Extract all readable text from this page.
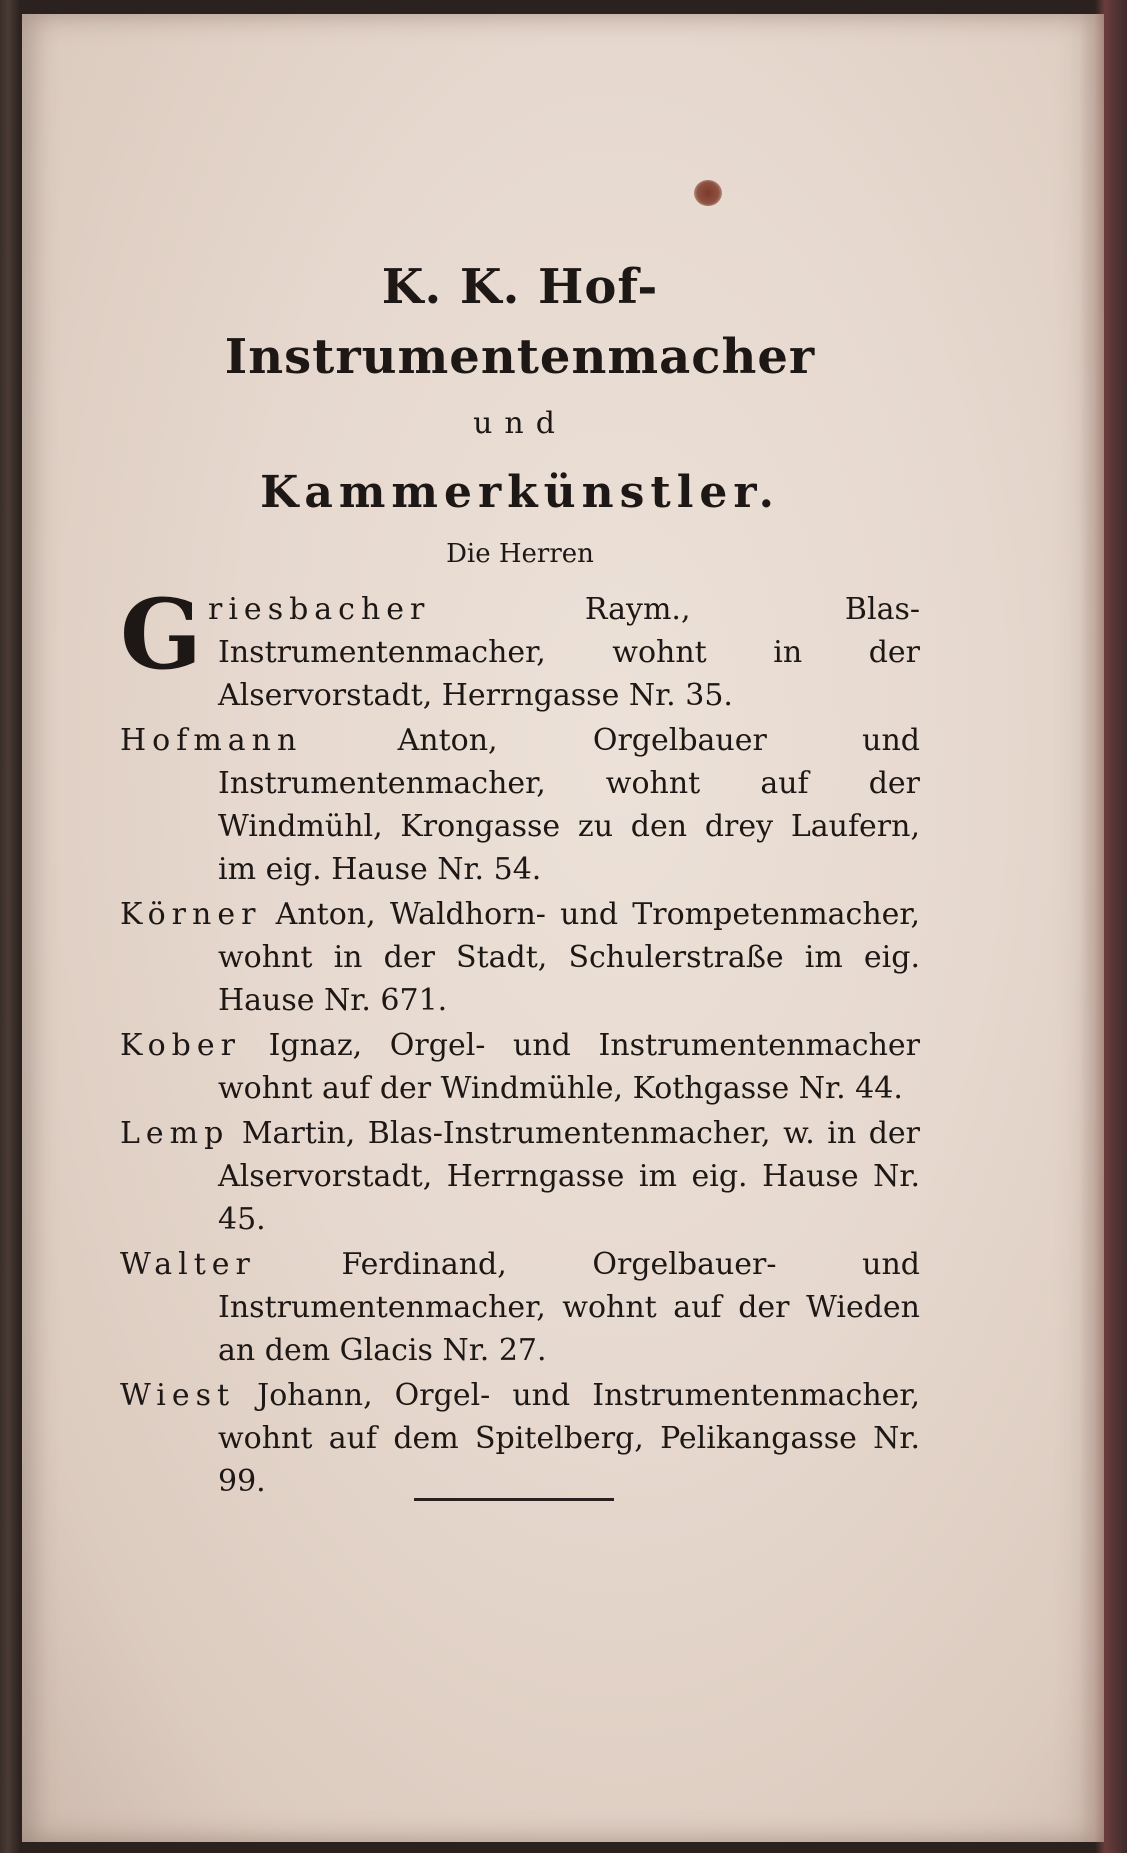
K. K. Hof-Instrumentenmacher
und
Kammerkünstler.
Die Herren
G riesbacher Raym., Blas-Instrumentenmacher, wohnt in der Alservorstadt, Herrngasse Nr. 35.
Hofmann Anton, Orgelbauer und Instrumentenmacher, wohnt auf der Windmühl, Krongasse zu den drey Laufern, im eig. Hause Nr. 54.
Körner Anton, Waldhorn- und Trompetenmacher, wohnt in der Stadt, Schulerstraße im eig. Hause Nr. 671.
Kober Ignaz, Orgel- und Instrumentenmacher wohnt auf der Windmühle, Kothgasse Nr. 44.
Lemp Martin, Blas-Instrumentenmacher, w. in der Alservorstadt, Herrngasse im eig. Hause Nr. 45.
Walter Ferdinand, Orgelbauer- und Instrumentenmacher, wohnt auf der Wieden an dem Glacis Nr. 27.
Wiest Johann, Orgel- und Instrumentenmacher, wohnt auf dem Spitelberg, Pelikangasse Nr. 99.
